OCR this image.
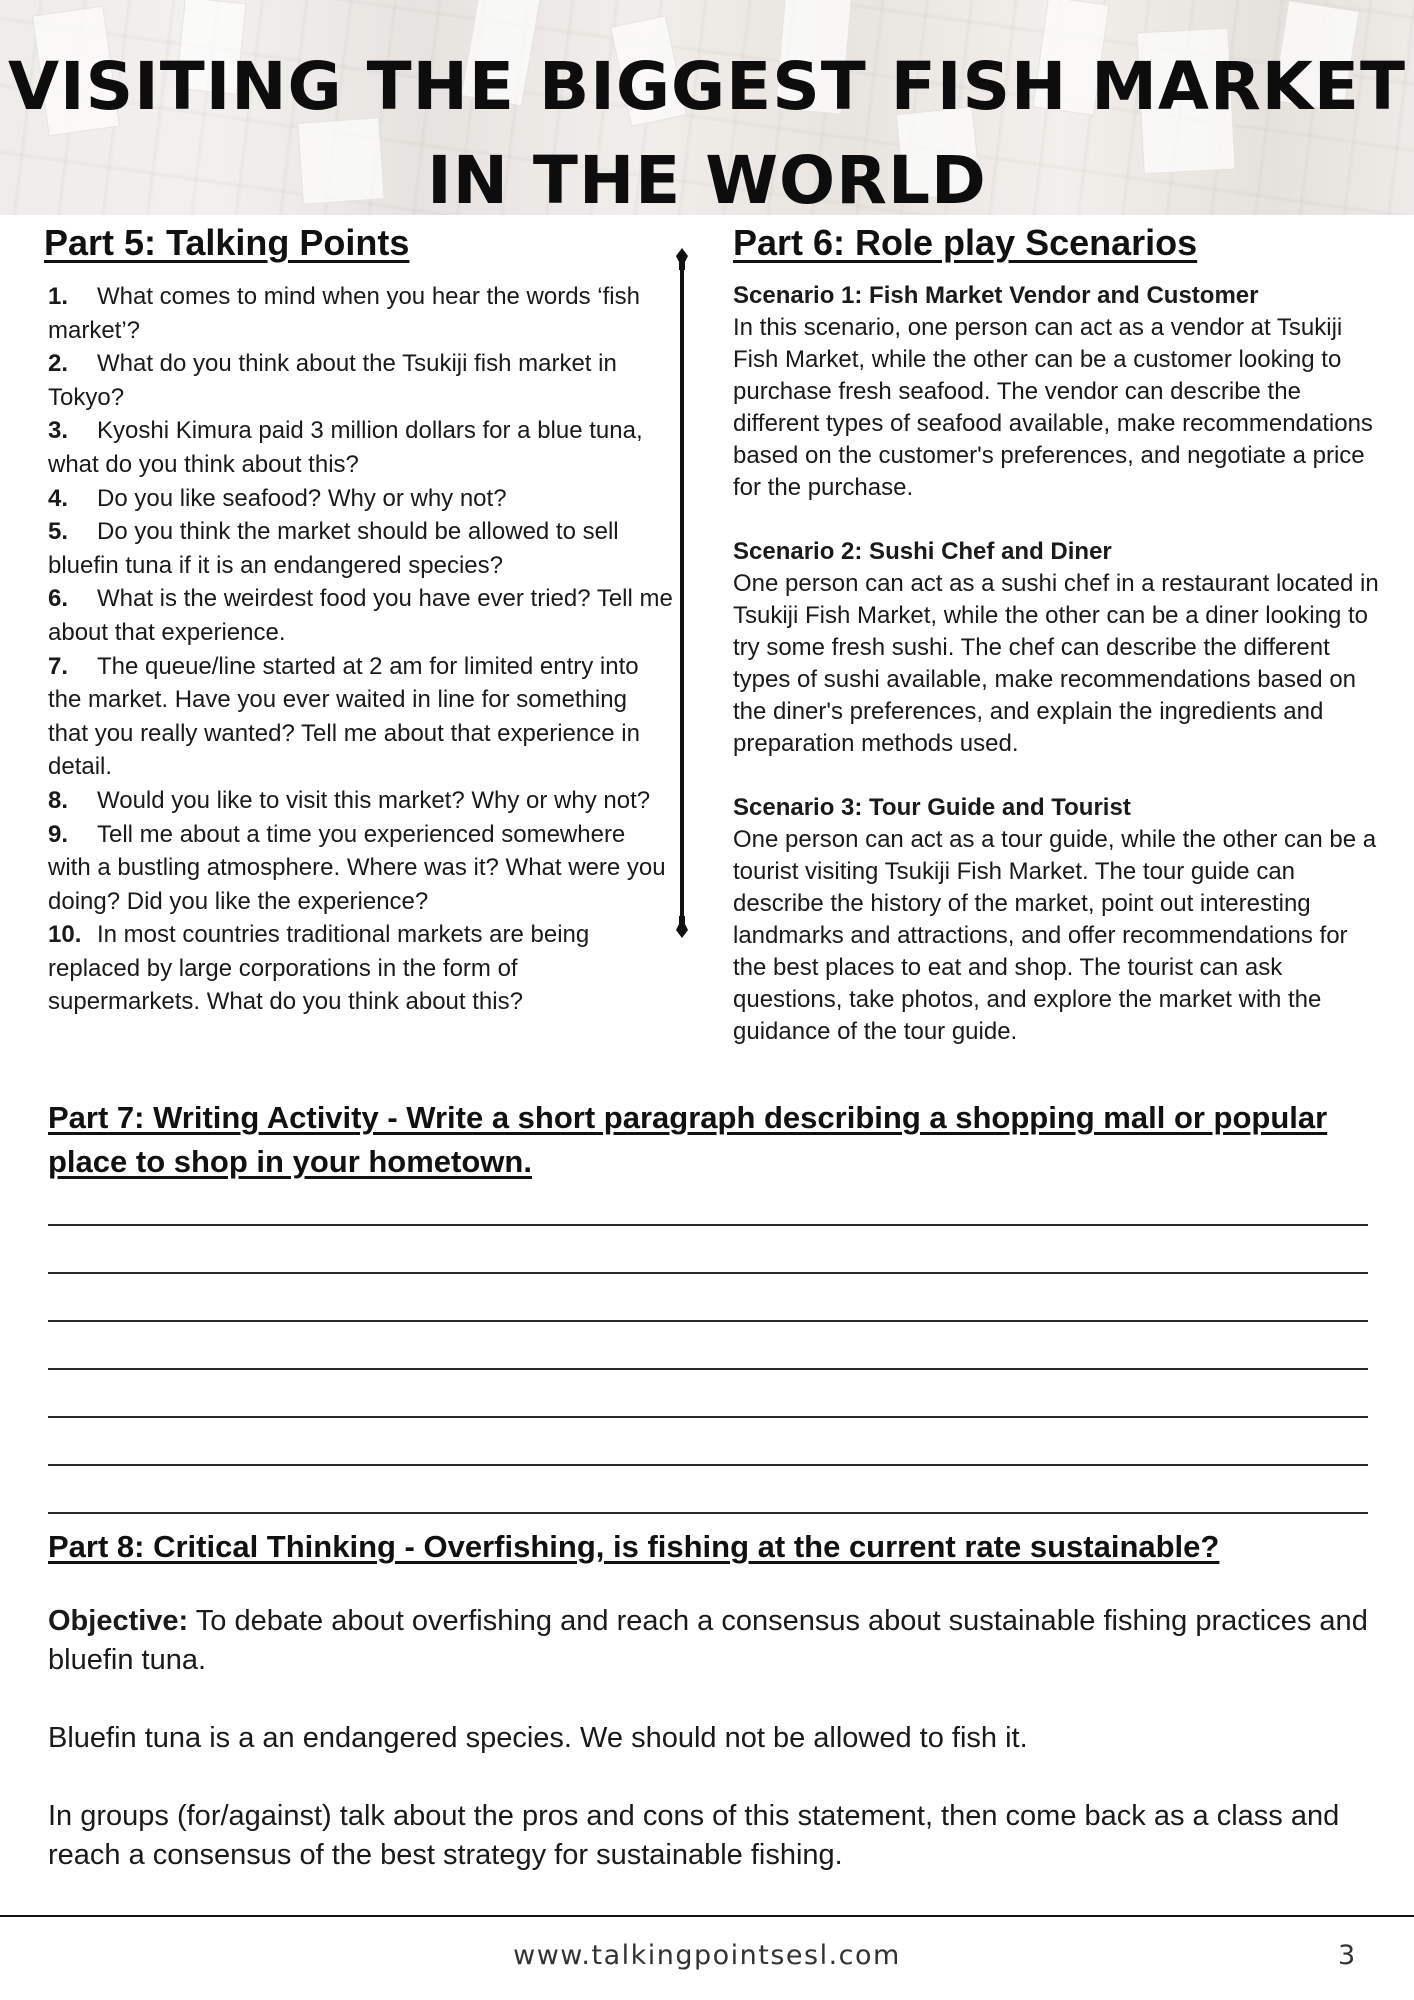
VISITING THE BIGGEST FISH MARKET IN THE WORLD
Part 5: Talking Points
1. What comes to mind when you hear the words ‘fish market’?
2. What do you think about the Tsukiji fish market in Tokyo?
3. Kyoshi Kimura paid 3 million dollars for a blue tuna, what do you think about this?
4. Do you like seafood? Why or why not?
5. Do you think the market should be allowed to sell bluefin tuna if it is an endangered species?
6. What is the weirdest food you have ever tried? Tell me about that experience.
7. The queue/line started at 2 am for limited entry into the market. Have you ever waited in line for something that you really wanted? Tell me about that experience in detail.
8. Would you like to visit this market? Why or why not?
9. Tell me about a time you experienced somewhere with a bustling atmosphere. Where was it? What were you doing? Did you like the experience?
10. In most countries traditional markets are being replaced by large corporations in the form of supermarkets. What do you think about this?
Part 6: Role play Scenarios
Scenario 1: Fish Market Vendor and Customer

In this scenario, one person can act as a vendor at Tsukiji Fish Market, while the other can be a customer looking to purchase fresh seafood. The vendor can describe the different types of seafood available, make recommendations based on the customer's preferences, and negotiate a price for the purchase.

Scenario 2: Sushi Chef and Diner

One person can act as a sushi chef in a restaurant located in Tsukiji Fish Market, while the other can be a diner looking to try some fresh sushi. The chef can describe the different types of sushi available, make recommendations based on the diner's preferences, and explain the ingredients and preparation methods used.

Scenario 3: Tour Guide and Tourist

One person can act as a tour guide, while the other can be a tourist visiting Tsukiji Fish Market. The tour guide can describe the history of the market, point out interesting landmarks and attractions, and offer recommendations for the best places to eat and shop. The tourist can ask questions, take photos, and explore the market with the guidance of the tour guide.

Part 7: Writing Activity - Write a short paragraph describing a shopping mall or popular place to shop in your hometown.
Part 8: Critical Thinking - Overfishing, is fishing at the current rate sustainable?

Objective: To debate about overfishing and reach a consensus about sustainable fishing practices and bluefin tuna.

Bluefin tuna is a an endangered species. We should not be allowed to fish it.

In groups (for/against) talk about the pros and cons of this statement, then come back as a class and reach a consensus of the best strategy for sustainable fishing.

www.talkingpointsesl.com	3
